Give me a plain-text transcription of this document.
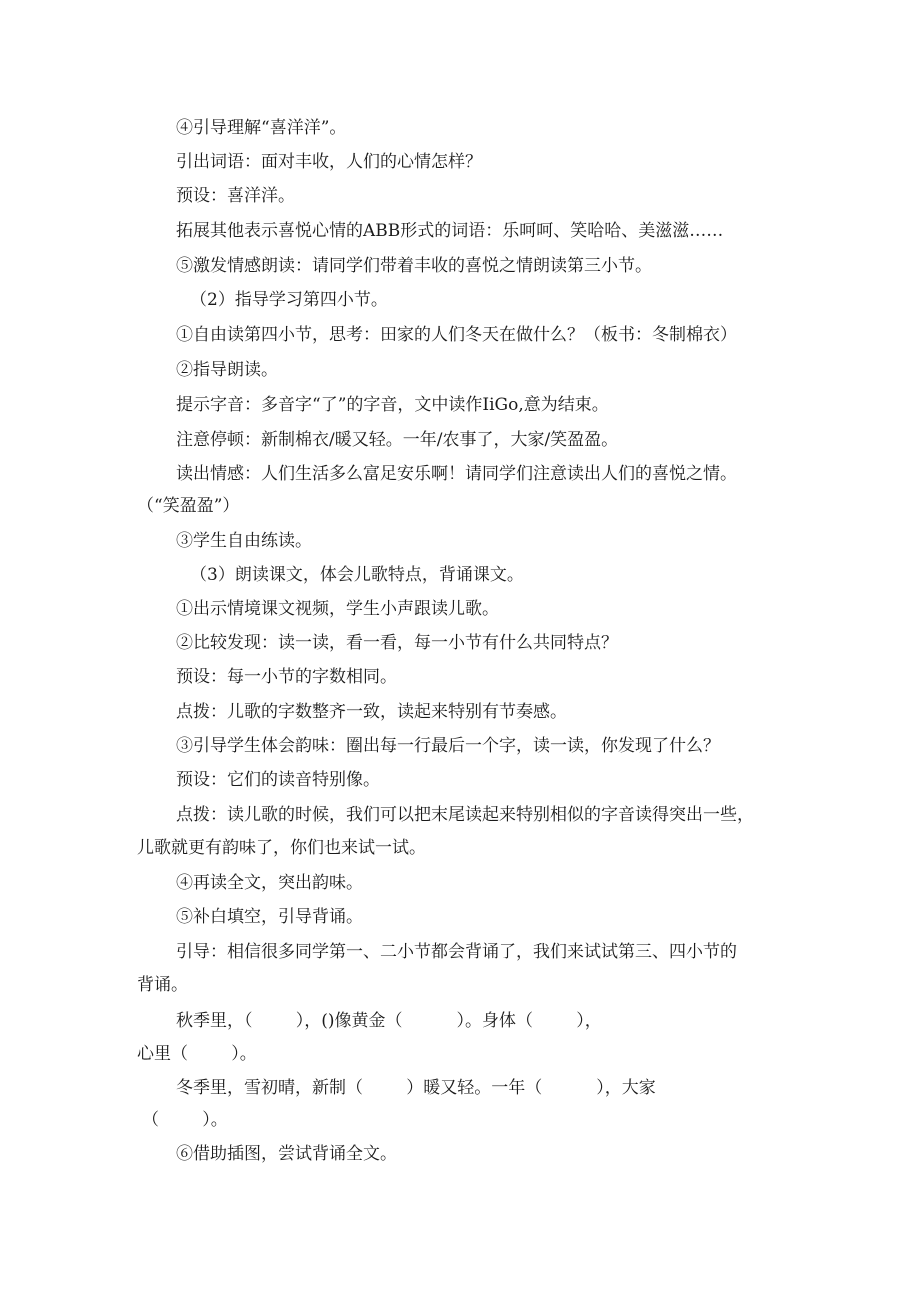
④引导理解“喜洋洋”。
引出词语：面对丰收，人们的心情怎样？
预设：喜洋洋。
拓展其他表示喜悦心情的ABB形式的词语：乐呵呵、笑哈哈、美滋滋……
⑤激发情感朗读：请同学们带着丰收的喜悦之情朗读第三小节。
（2）指导学习第四小节。
①自由读第四小节，思考：田家的人们冬天在做什么？（板书：冬制棉衣）
②指导朗读。
提示字音：多音字“了”的字音，文中读作IiGo,意为结束。
注意停顿：新制棉衣/暖又轻。一年/农事了，大家/笑盈盈。
读出情感：人们生活多么富足安乐啊！请同学们注意读出人们的喜悦之情。
（“笑盈盈”）
③学生自由练读。
（3）朗读课文，体会儿歌特点，背诵课文。
①出示情境课文视频，学生小声跟读儿歌。
②比较发现：读一读，看一看，每一小节有什么共同特点？
预设：每一小节的字数相同。
点拨：儿歌的字数整齐一致，读起来特别有节奏感。
③引导学生体会韵味：圈出每一行最后一个字，读一读，你发现了什么？
预设：它们的读音特别像。
点拨：读儿歌的时候，我们可以把末尾读起来特别相似的字音读得突出一些，
儿歌就更有韵味了，你们也来试一试。
④再读全文，突出韵味。
⑤补白填空，引导背诵。
引导：相信很多同学第一、二小节都会背诵了，我们来试试第三、四小节的
背诵。
秋季里，（        ），()像黄金（          ）。身体（        ），
心里（        ）。
冬季里，雪初晴，新制（        ）暖又轻。一年（          ），大家
（        ）。
⑥借助插图，尝试背诵全文。
